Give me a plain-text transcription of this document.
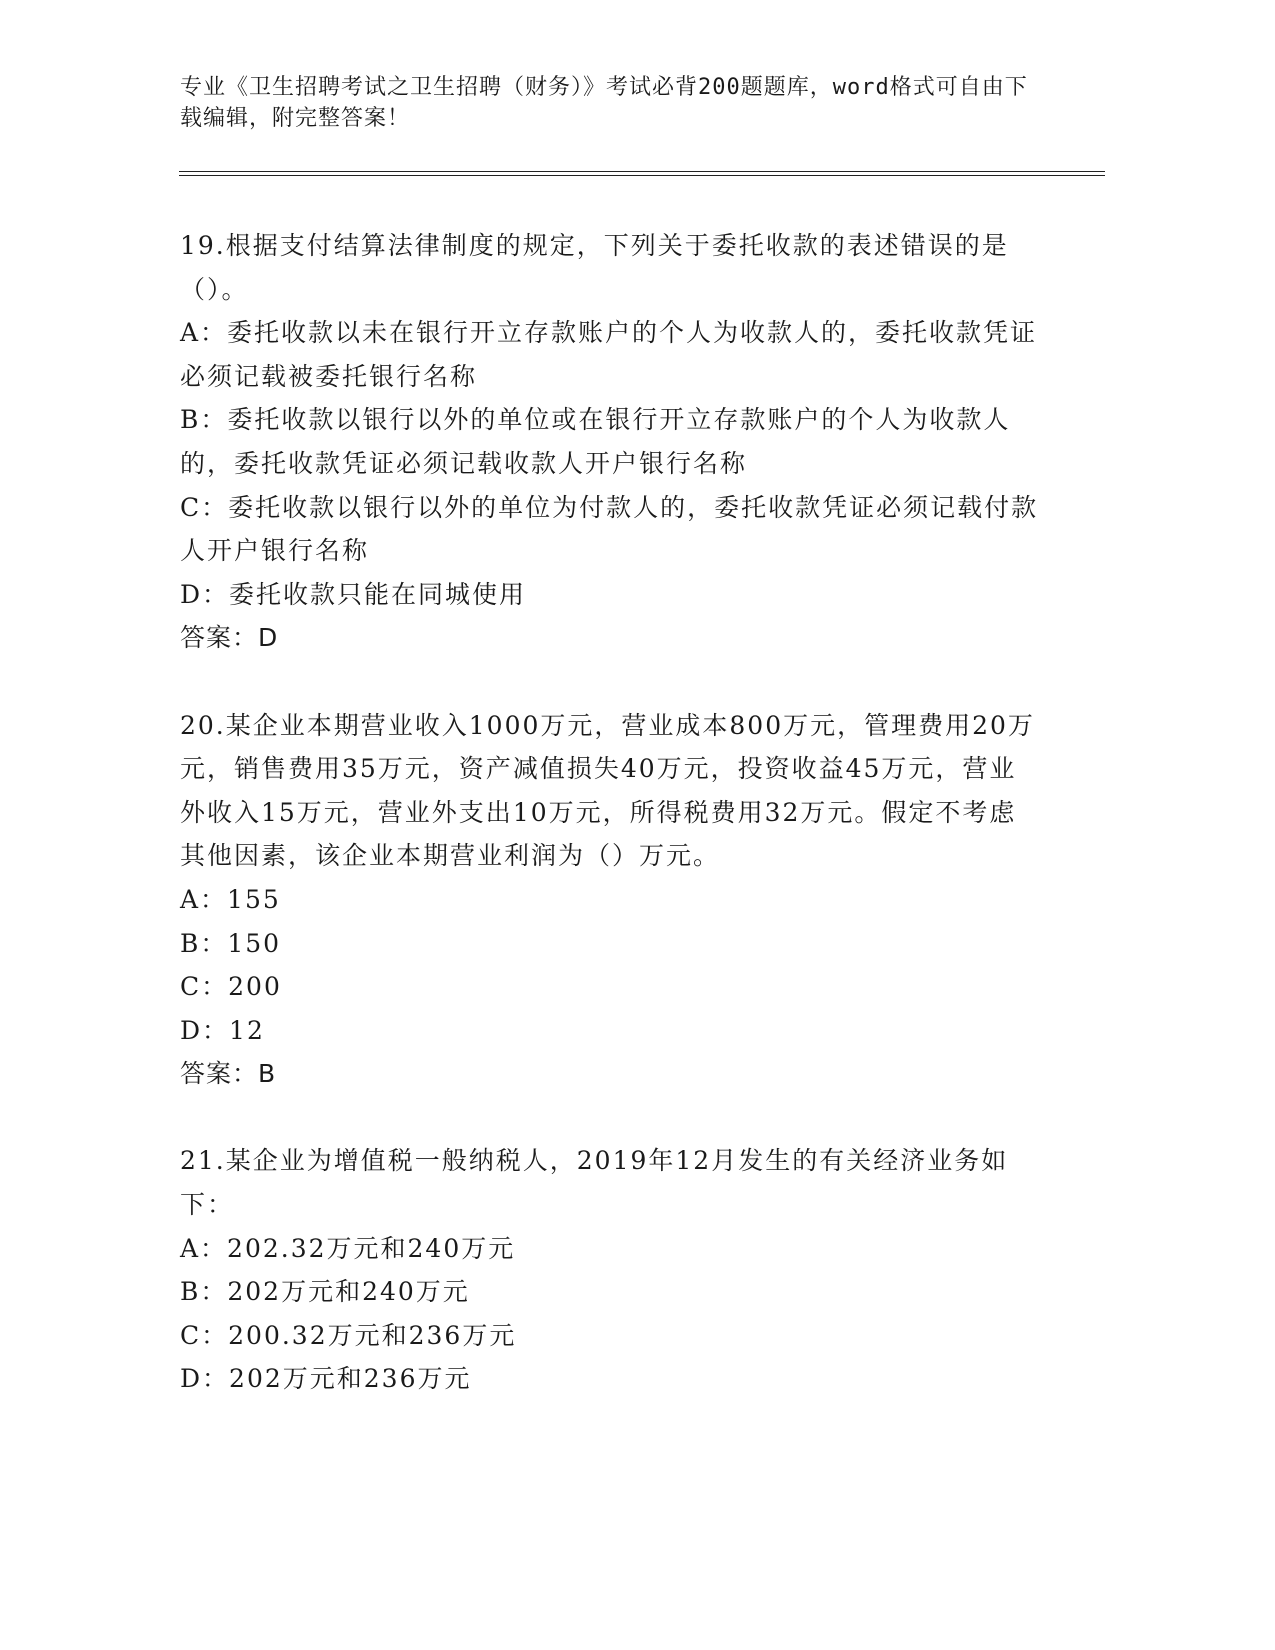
专业《卫生招聘考试之卫生招聘（财务）》考试必背200题题库，word格式可自由下载编辑，附完整答案！

19.根据支付结算法律制度的规定，下列关于委托收款的表述错误的是（）。

A：委托收款以未在银行开立存款账户的个人为收款人的，委托收款凭证必须记载被委托银行名称

B：委托收款以银行以外的单位或在银行开立存款账户的个人为收款人的，委托收款凭证必须记载收款人开户银行名称

C：委托收款以银行以外的单位为付款人的，委托收款凭证必须记载付款人开户银行名称

D：委托收款只能在同城使用

答案：D

20.某企业本期营业收入1000万元，营业成本800万元，管理费用20万元，销售费用35万元，资产减值损失40万元，投资收益45万元，营业外收入15万元，营业外支出10万元，所得税费用32万元。假定不考虑其他因素，该企业本期营业利润为（）万元。

A：155

B：150

C：200

D：12

答案：B

21.某企业为增值税一般纳税人，2019年12月发生的有关经济业务如下：

A：202.32万元和240万元

B：202万元和240万元

C：200.32万元和236万元

D：202万元和236万元
